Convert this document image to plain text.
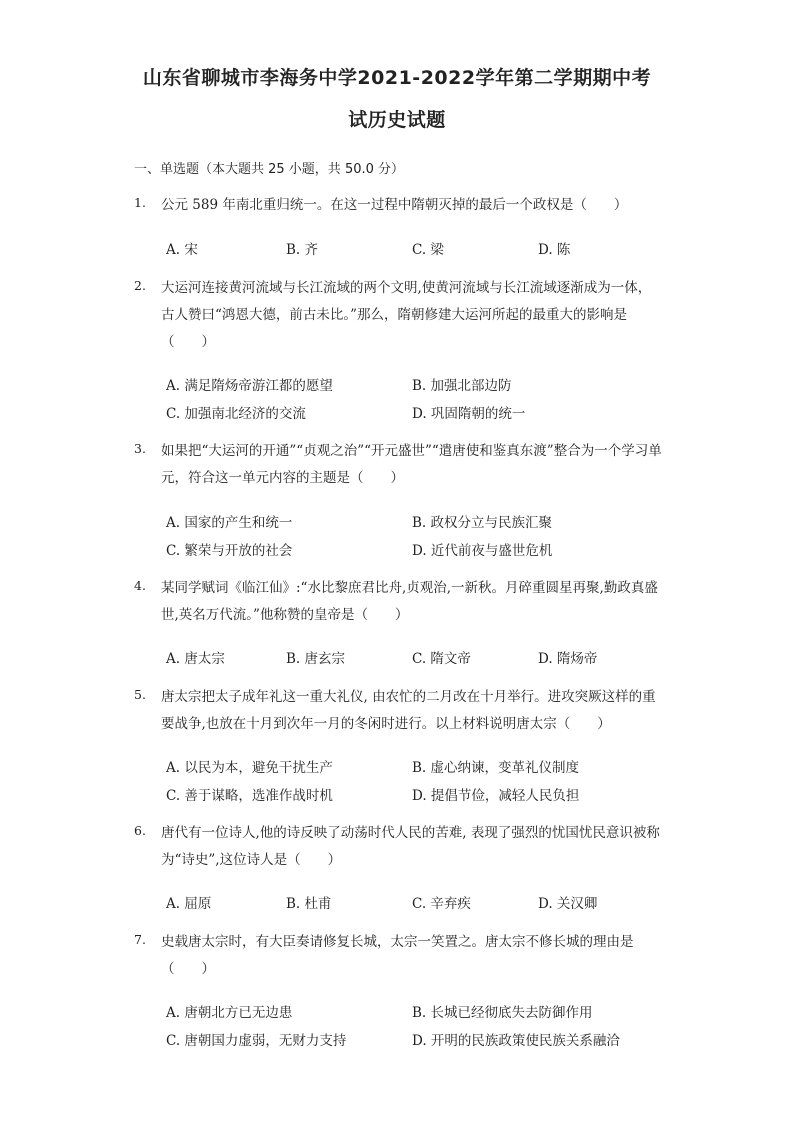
山东省聊城市李海务中学2021-2022学年第二学期期中考
试历史试题
一、单选题（本大题共 25 小题，共 50.0 分）
1. 公元 589 年南北重归统一。在这一过程中隋朝灭掉的最后一个政权是（　　）
A. 宋	B. 齐	C. 梁	D. 陈
2. 大运河连接黄河流域与长江流域的两个文明,使黄河流域与长江流域逐渐成为一体，古人赞曰“鸿恩大德，前古未比。”那么，隋朝修建大运河所起的最重大的影响是（　　）
A. 满足隋炀帝游江都的愿望	B. 加强北部边防
C. 加强南北经济的交流	D. 巩固隋朝的统一
3. 如果把“大运河的开通”“贞观之治”“开元盛世”“遣唐使和鉴真东渡”整合为一个学习单元，符合这一单元内容的主题是（　　）
A. 国家的产生和统一	B. 政权分立与民族汇聚
C. 繁荣与开放的社会	D. 近代前夜与盛世危机
4. 某同学赋词《临江仙》:“水比黎庶君比舟,贞观治,一新秋。月碎重圆星再聚,勤政真盛世,英名万代流。”他称赞的皇帝是（　　）
A. 唐太宗	B. 唐玄宗	C. 隋文帝	D. 隋炀帝
5. 唐太宗把太子成年礼这一重大礼仪, 由农忙的二月改在十月举行。进攻突厥这样的重要战争,也放在十月到次年一月的冬闲时进行。以上材料说明唐太宗（　　）
A. 以民为本，避免干扰生产	B. 虚心纳谏，变革礼仪制度
C. 善于谋略，选准作战时机	D. 提倡节俭，减轻人民负担
6. 唐代有一位诗人,他的诗反映了动荡时代人民的苦难, 表现了强烈的忧国忧民意识被称为“诗史”,这位诗人是（　　）
A. 屈原	B. 杜甫	C. 辛弃疾	D. 关汉卿
7. 史载唐太宗时，有大臣奏请修复长城，太宗一笑置之。唐太宗不修长城的理由是（　　）
A. 唐朝北方已无边患	B. 长城已经彻底失去防御作用
C. 唐朝国力虚弱，无财力支持	D. 开明的民族政策使民族关系融洽
